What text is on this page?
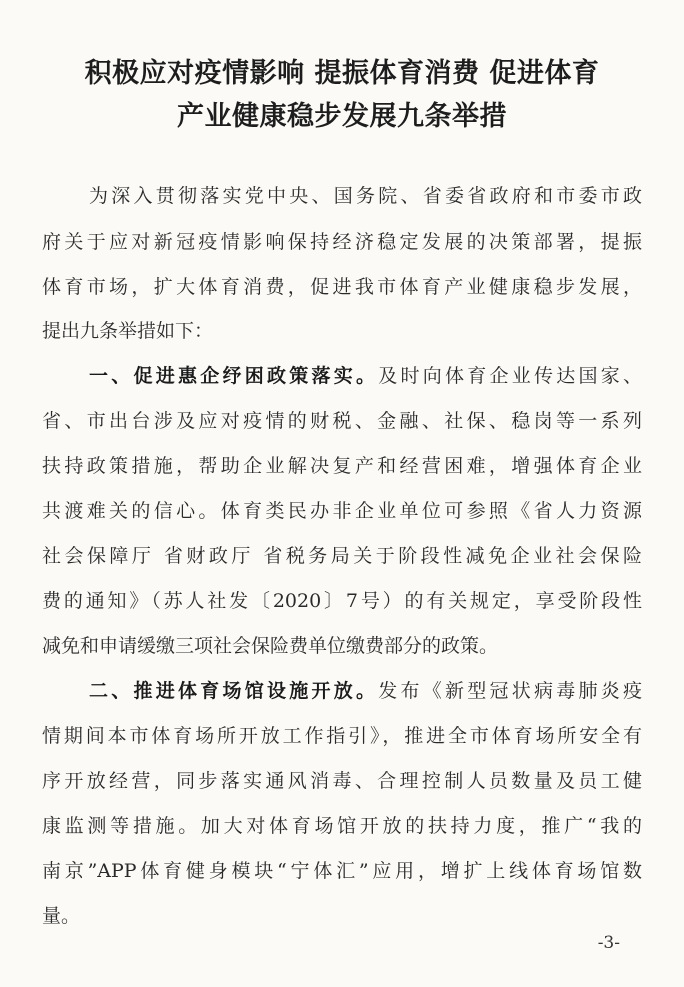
积极应对疫情影响 提振体育消费 促进体育
产业健康稳步发展九条举措
为深入贯彻落实党中央、国务院、省委省政府和市委市政
府关于应对新冠疫情影响保持经济稳定发展的决策部署，提振
体育市场，扩大体育消费，促进我市体育产业健康稳步发展，
提出九条举措如下：
一、促进惠企纾困政策落实。及时向体育企业传达国家、
省、市出台涉及应对疫情的财税、金融、社保、稳岗等一系列
扶持政策措施，帮助企业解决复产和经营困难，增强体育企业
共渡难关的信心。体育类民办非企业单位可参照《省人力资源
社会保障厅 省财政厅 省税务局关于阶段性减免企业社会保险
费的通知》（苏人社发〔2020〕7号）的有关规定，享受阶段性
减免和申请缓缴三项社会保险费单位缴费部分的政策。
二、推进体育场馆设施开放。发布《新型冠状病毒肺炎疫
情期间本市体育场所开放工作指引》，推进全市体育场所安全有
序开放经营，同步落实通风消毒、合理控制人员数量及员工健
康监测等措施。加大对体育场馆开放的扶持力度，推广“我的
南京”APP体育健身模块“宁体汇”应用，增扩上线体育场馆数
量。
-3-
